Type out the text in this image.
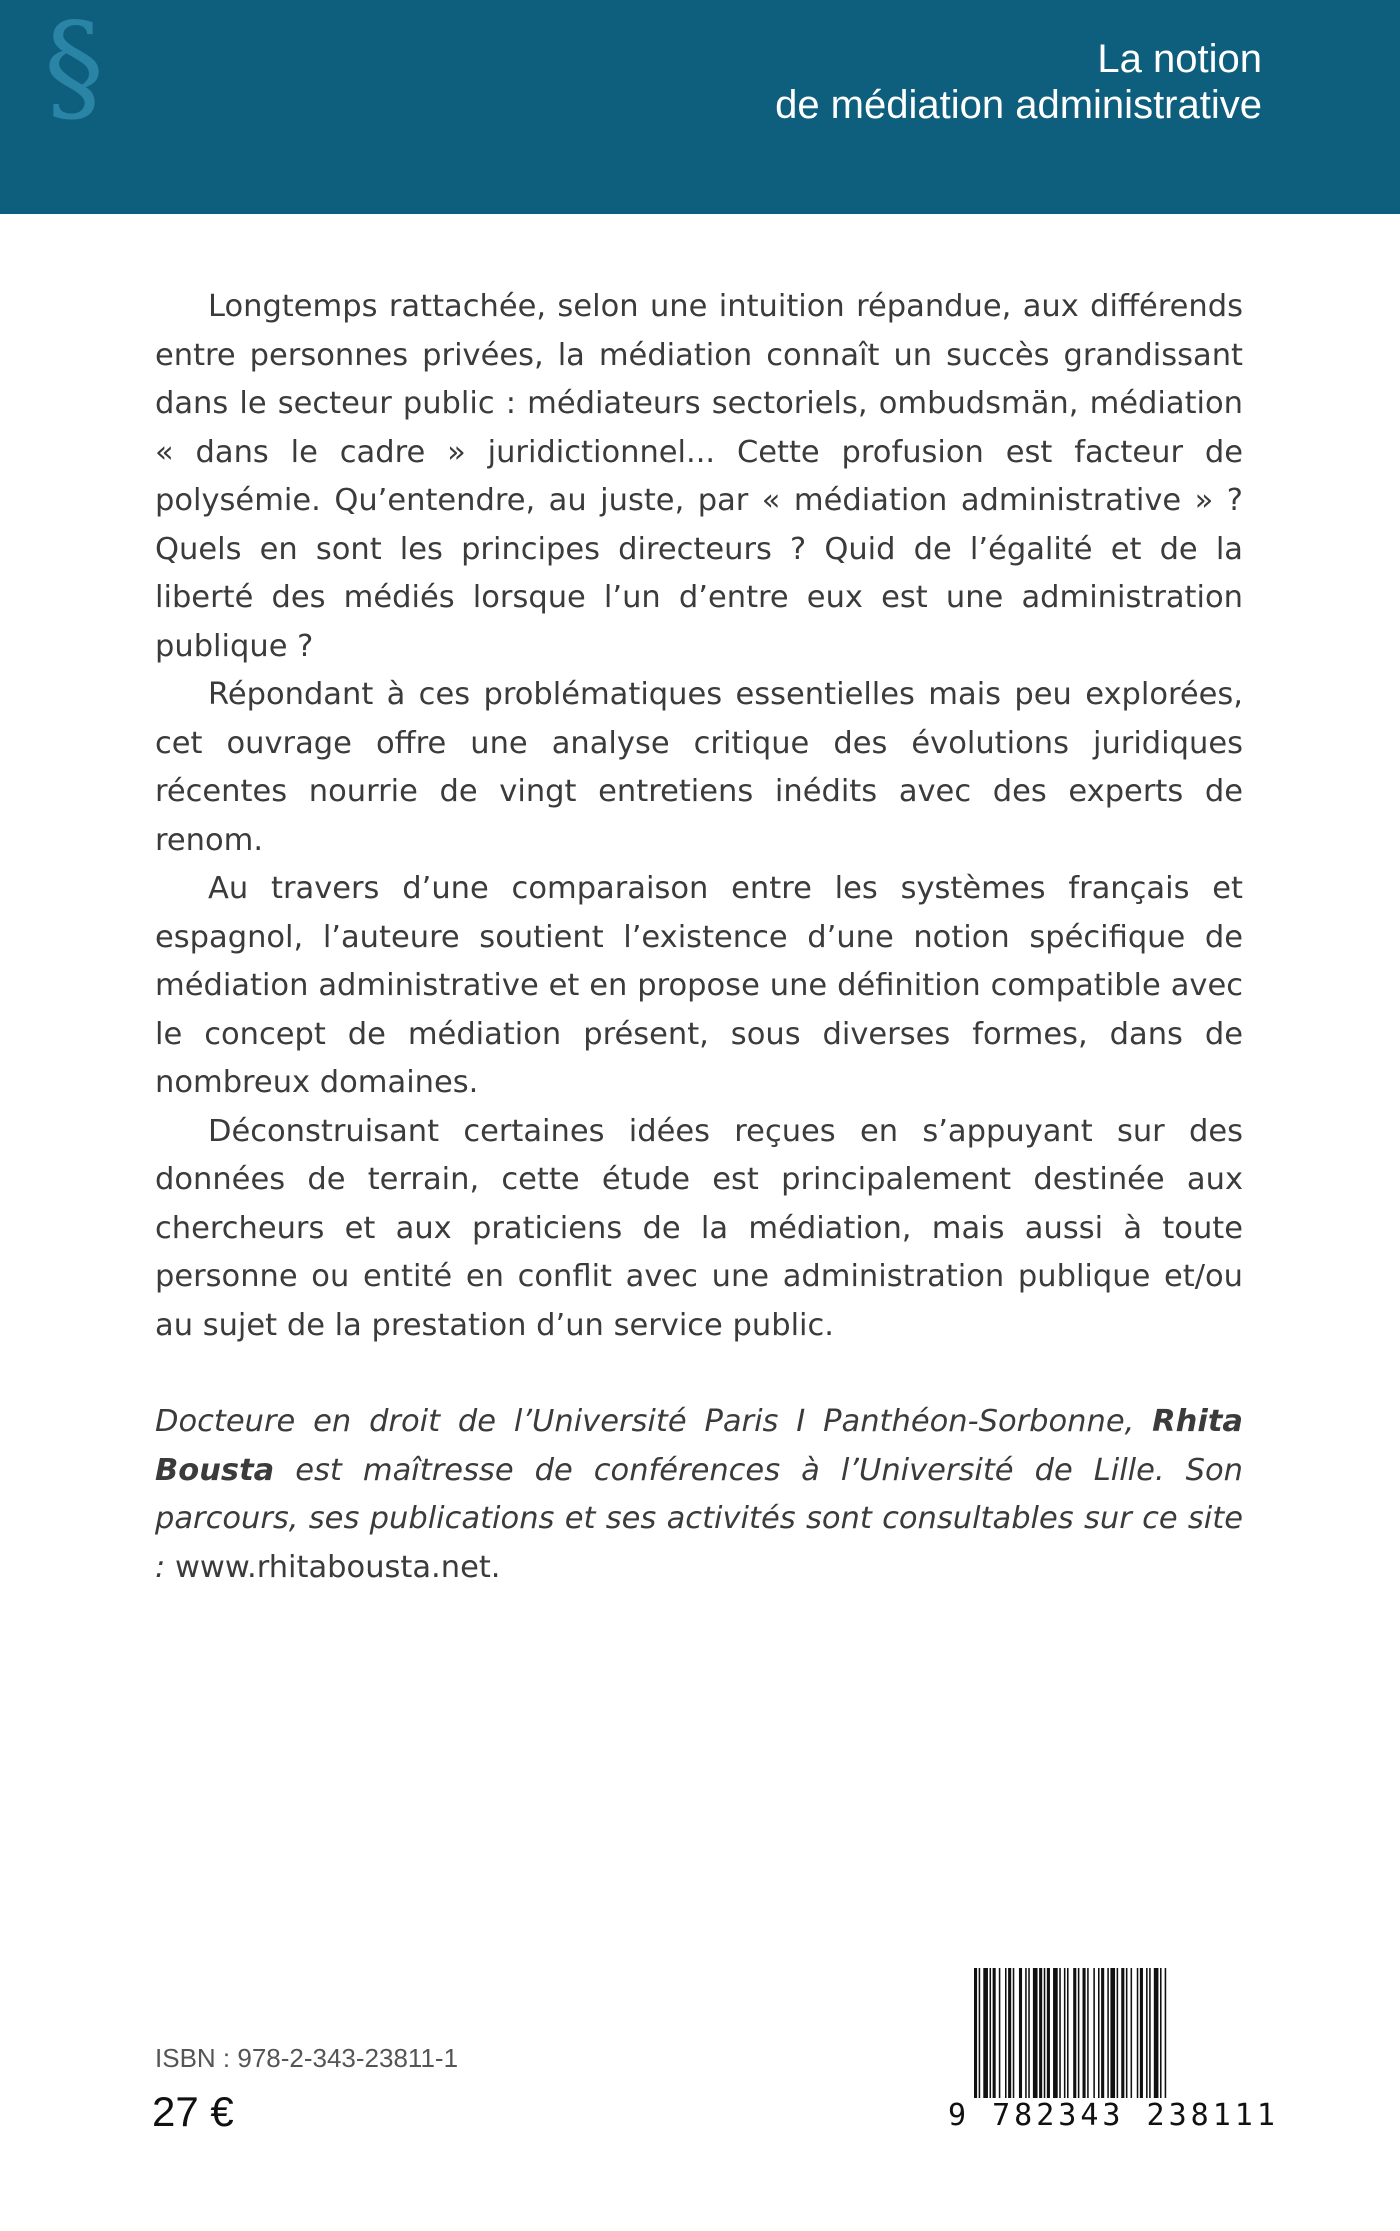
§	La notion
de médiation administrative

Longtemps rattachée, selon une intuition répandue, aux différends entre personnes privées, la médiation connaît un succès grandissant dans le secteur public : médiateurs sectoriels, ombudsmän, médiation « dans le cadre » juridictionnel... Cette profusion est facteur de polysémie. Qu’entendre, au juste, par « médiation administrative » ? Quels en sont les principes directeurs ? Quid de l’égalité et de la liberté des médiés lorsque l’un d’entre eux est une administration publique ?

Répondant à ces problématiques essentielles mais peu explorées, cet ouvrage offre une analyse critique des évolutions juridiques récentes nourrie de vingt entretiens inédits avec des experts de renom.

Au travers d’une comparaison entre les systèmes français et espagnol, l’auteure soutient l’existence d’une notion spécifique de médiation administrative et en propose une définition compatible avec le concept de médiation présent, sous diverses formes, dans de nombreux domaines.

Déconstruisant certaines idées reçues en s’appuyant sur des données de terrain, cette étude est principalement destinée aux chercheurs et aux praticiens de la médiation, mais aussi à toute personne ou entité en conflit avec une administration publique et/ou au sujet de la prestation d’un service public.

Docteure en droit de l’Université Paris I Panthéon-Sorbonne, Rhita Bousta est maîtresse de conférences à l’Université de Lille. Son parcours, ses publications et ses activités sont consultables sur ce site : www.rhitabousta.net.
ISBN : 978-2-343-23811-1
27 €	9 782343 238111
